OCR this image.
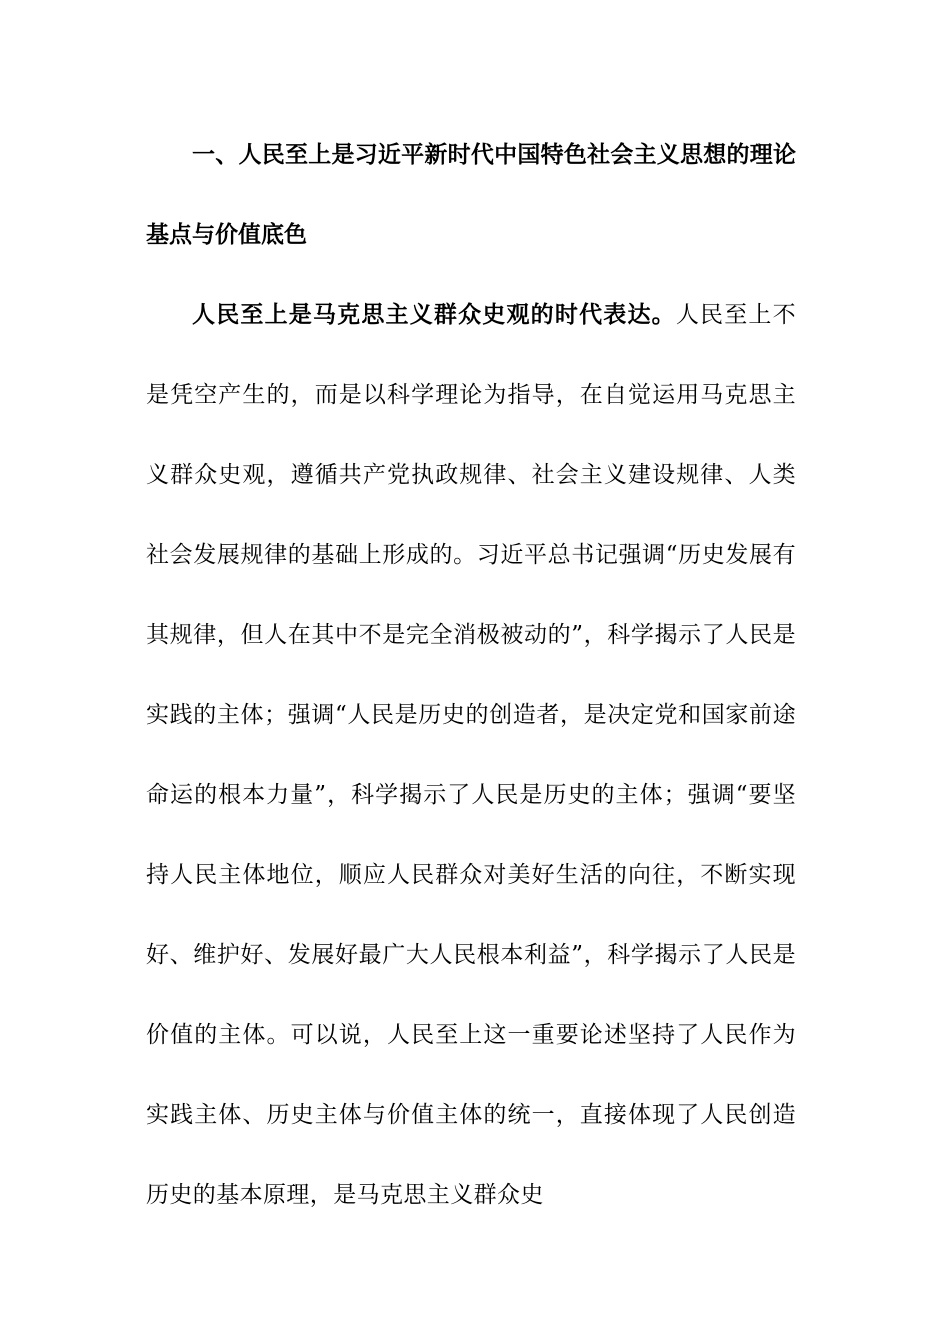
一、人民至上是习近平新时代中国特色社会主义思想的理论基点与价值底色

人民至上是马克思主义群众史观的时代表达。人民至上不是凭空产生的，而是以科学理论为指导，在自觉运用马克思主义群众史观，遵循共产党执政规律、社会主义建设规律、人类社会发展规律的基础上形成的。习近平总书记强调“历史发展有其规律，但人在其中不是完全消极被动的”，科学揭示了人民是实践的主体；强调“人民是历史的创造者，是决定党和国家前途命运的根本力量”，科学揭示了人民是历史的主体；强调“要坚持人民主体地位，顺应人民群众对美好生活的向往，不断实现好、维护好、发展好最广大人民根本利益”，科学揭示了人民是价值的主体。可以说，人民至上这一重要论述坚持了人民作为实践主体、历史主体与价值主体的统一，直接体现了人民创造历史的基本原理，是马克思主义群众史
